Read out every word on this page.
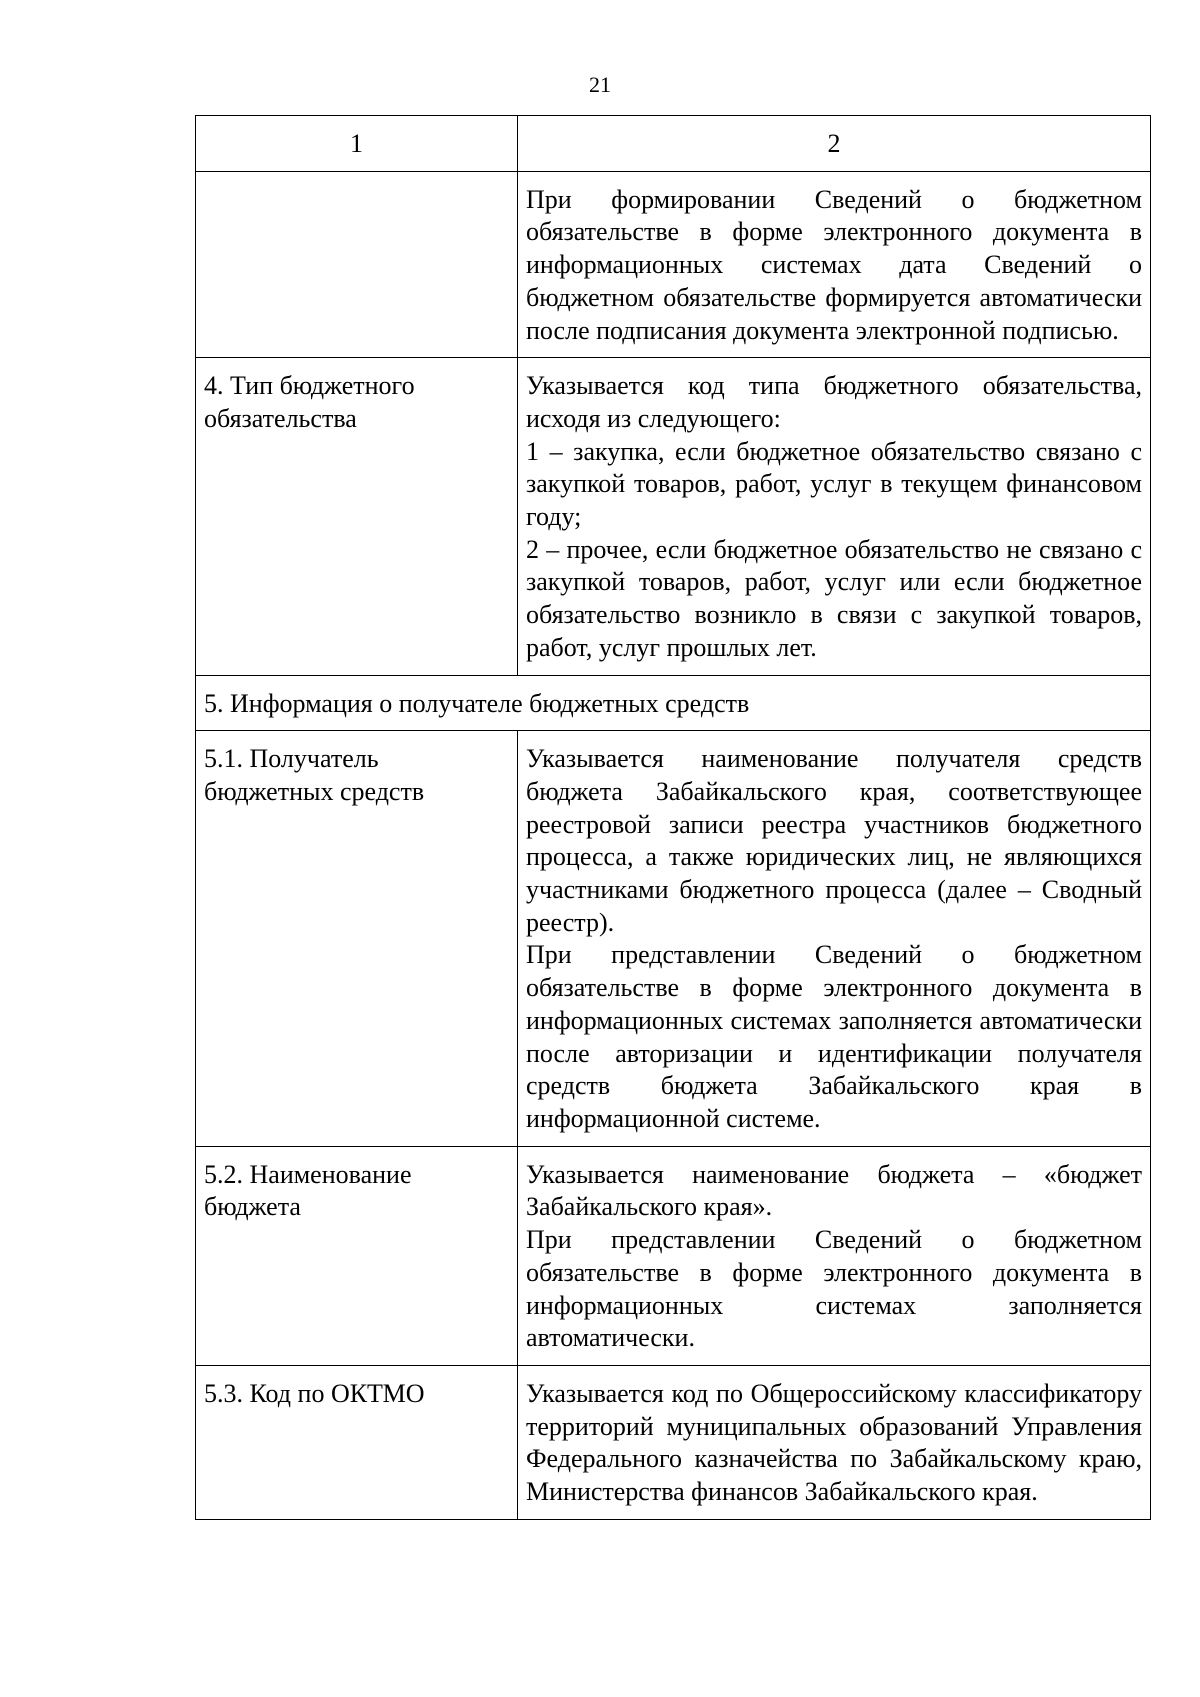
21
1	2

	При формировании Сведений о бюджетном обязательстве в форме электронного документа в информационных системах дата Сведений о бюджетном обязательстве формируется автоматически после подписания документа электронной подписью.

4. Тип бюджетного обязательства	Указывается код типа бюджетного обязательства, исходя из следующего:

1 – закупка, если бюджетное обязательство связано с закупкой товаров, работ, услуг в текущем финансовом году;

2 – прочее, если бюджетное обязательство не связано с закупкой товаров, работ, услуг или если бюджетное обязательство возникло в связи с закупкой товаров, работ, услуг прошлых лет.

5. Информация о получателе бюджетных средств	
5.1. Получатель бюджетных средств	Указывается наименование получателя средств бюджета Забайкальского края, соответствующее реестровой записи реестра участников бюджетного процесса, а также юридических лиц, не являющихся участниками бюджетного процесса (далее – Сводный реестр).

При представлении Сведений о бюджетном обязательстве в форме электронного документа в информационных системах заполняется автоматически после авторизации и идентификации получателя средств бюджета Забайкальского края в информационной системе.

5.2. Наименование бюджета	Указывается наименование бюджета – «бюджет Забайкальского края».

При представлении Сведений о бюджетном обязательстве в форме электронного документа в информационных системах заполняется автоматически.

5.3. Код по ОКТМО	Указывается код по Общероссийскому классификатору территорий муниципальных образований Управления Федерального казначейства по Забайкальскому краю, Министерства финансов Забайкальского края.
